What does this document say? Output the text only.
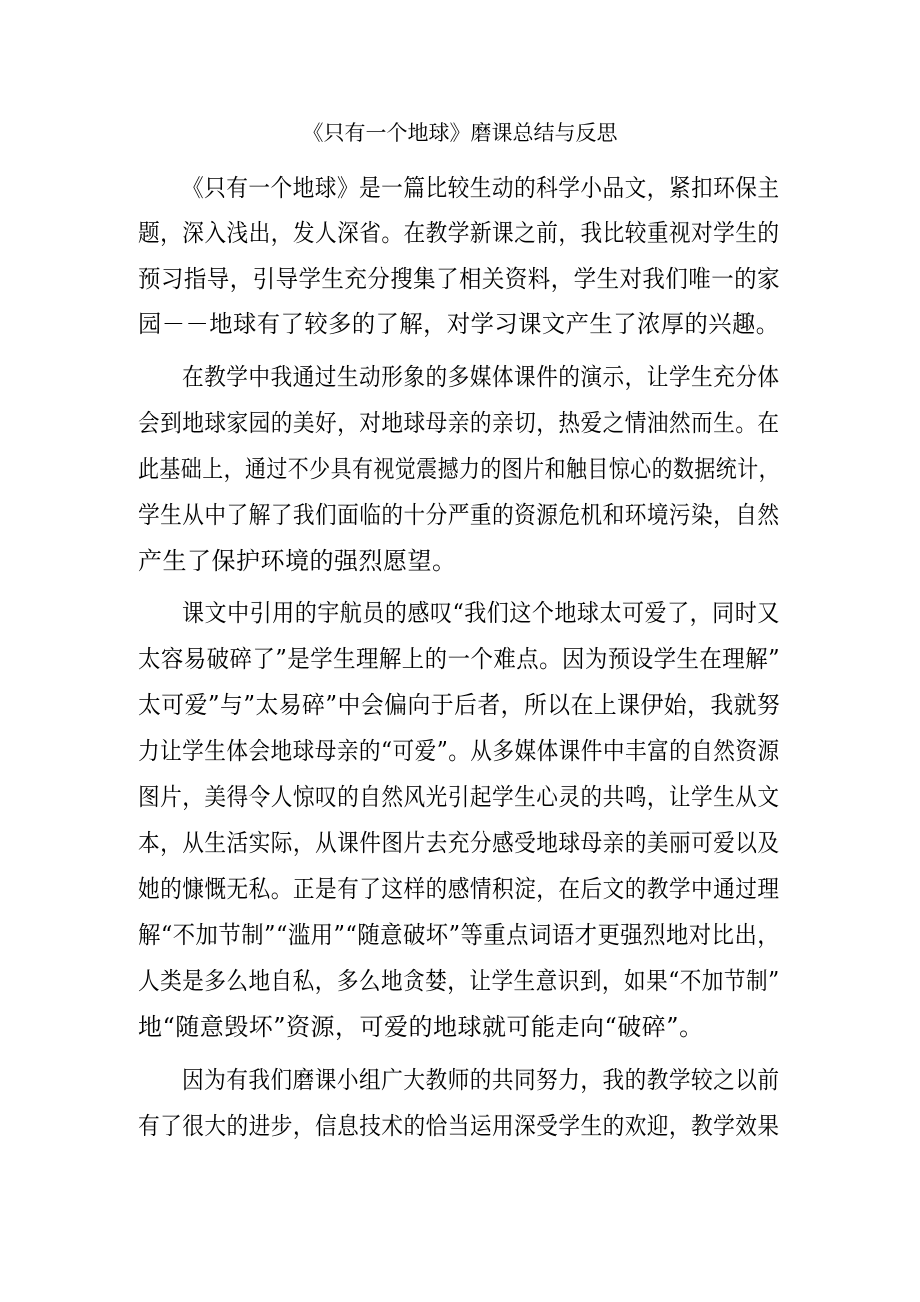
《只有一个地球》磨课总结与反思
《只有一个地球》是一篇比较生动的科学小品文，紧扣环保主
题，深入浅出，发人深省。在教学新课之前，我比较重视对学生的
预习指导，引导学生充分搜集了相关资料，学生对我们唯一的家
园－－地球有了较多的了解，对学习课文产生了浓厚的兴趣。
在教学中我通过生动形象的多媒体课件的演示，让学生充分体
会到地球家园的美好，对地球母亲的亲切，热爱之情油然而生。在
此基础上，通过不少具有视觉震撼力的图片和触目惊心的数据统计，
学生从中了解了我们面临的十分严重的资源危机和环境污染，自然
产生了保护环境的强烈愿望。
课文中引用的宇航员的感叹“我们这个地球太可爱了，同时又
太容易破碎了”是学生理解上的一个难点。因为预设学生在理解”
太可爱”与”太易碎”中会偏向于后者，所以在上课伊始，我就努
力让学生体会地球母亲的“可爱”。从多媒体课件中丰富的自然资源
图片，美得令人惊叹的自然风光引起学生心灵的共鸣，让学生从文
本，从生活实际，从课件图片去充分感受地球母亲的美丽可爱以及
她的慷慨无私。正是有了这样的感情积淀，在后文的教学中通过理
解“不加节制”“滥用”“随意破坏”等重点词语才更强烈地对比出，
人类是多么地自私，多么地贪婪，让学生意识到，如果“不加节制”
地“随意毁坏”资源，可爱的地球就可能走向“破碎”。
因为有我们磨课小组广大教师的共同努力，我的教学较之以前
有了很大的进步，信息技术的恰当运用深受学生的欢迎，教学效果
